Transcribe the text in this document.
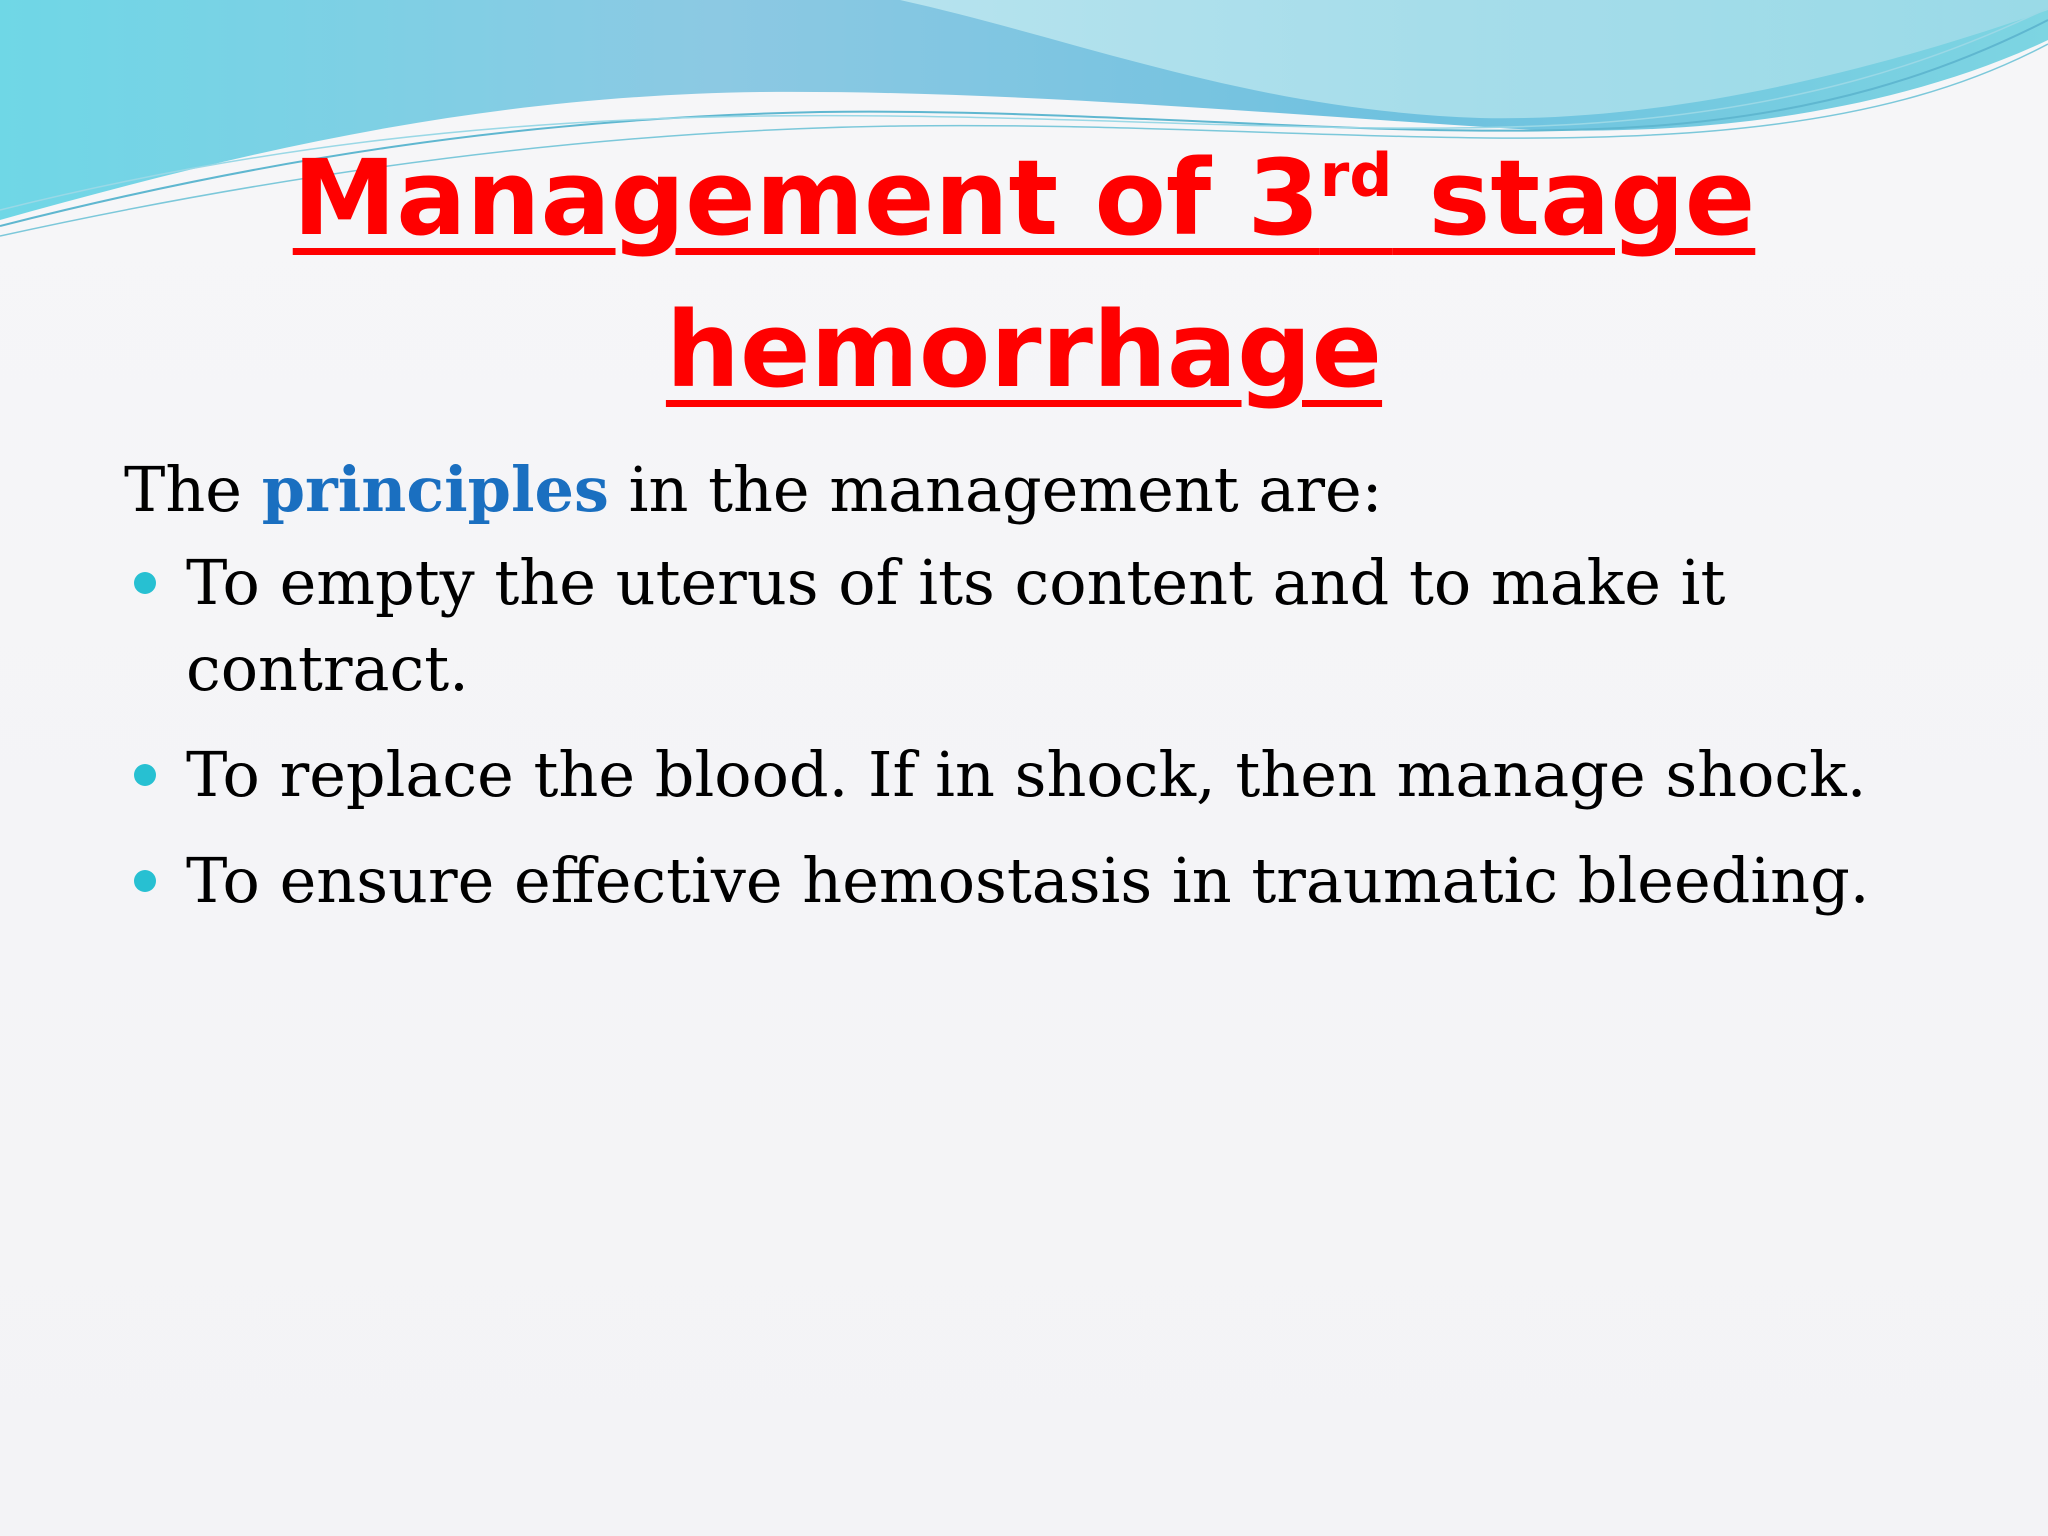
Management of 3rd stage
hemorrhage

The principles in the management are:

To empty the uterus of its content and to make it contract.
To replace the blood. If in shock, then manage shock.
To ensure effective hemostasis in traumatic bleeding.
